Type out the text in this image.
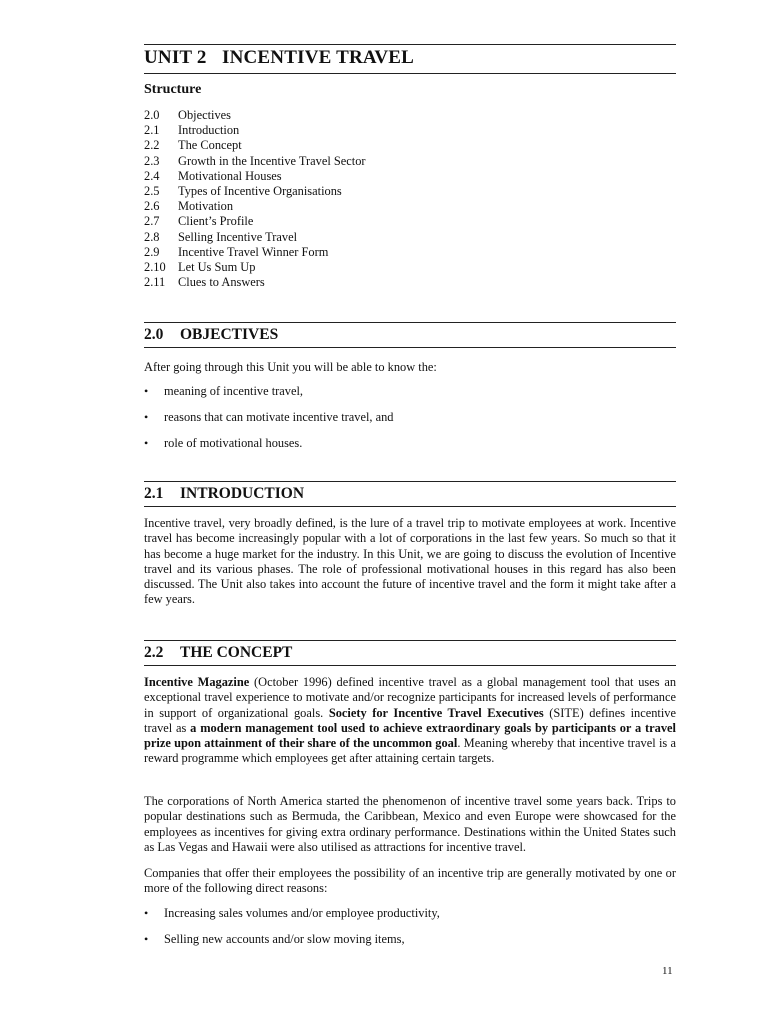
UNIT 2 INCENTIVE TRAVEL
Structure
2.0 Objectives
2.1 Introduction
2.2 The Concept
2.3 Growth in the Incentive Travel Sector
2.4 Motivational Houses
2.5 Types of Incentive Organisations
2.6 Motivation
2.7 Client’s Profile
2.8 Selling Incentive Travel
2.9 Incentive Travel Winner Form
2.10 Let Us Sum Up
2.11 Clues to Answers
2.0 OBJECTIVES
After going through this Unit you will be able to know the:
• meaning of incentive travel,
• reasons that can motivate incentive travel, and
• role of motivational houses.
2.1 INTRODUCTION
Incentive travel, very broadly defined, is the lure of a travel trip to motivate employees at work. Incentive travel has become increasingly popular with a lot of corporations in the last few years. So much so that it has become a huge market for the industry. In this Unit, we are going to discuss the evolution of Incentive travel and its various phases. The role of professional motivational houses in this regard has also been discussed. The Unit also takes into account the future of incentive travel and the form it might take after a few years.
2.2 THE CONCEPT
Incentive Magazine (October 1996) defined incentive travel as a global management tool that uses an exceptional travel experience to motivate and/or recognize participants for increased levels of performance in support of organizational goals. Society for Incentive Travel Executives (SITE) defines incentive travel as a modern management tool used to achieve extraordinary goals by participants or a travel prize upon attainment of their share of the uncommon goal. Meaning whereby that incentive travel is a reward programme which employees get after attaining certain targets.
The corporations of North America started the phenomenon of incentive travel some years back. Trips to popular destinations such as Bermuda, the Caribbean, Mexico and even Europe were showcased for the employees as incentives for giving extra ordinary performance. Destinations within the United States such as Las Vegas and Hawaii were also utilised as attractions for incentive travel.
Companies that offer their employees the possibility of an incentive trip are generally motivated by one or more of the following direct reasons:
• Increasing sales volumes and/or employee productivity,
• Selling new accounts and/or slow moving items,
11
